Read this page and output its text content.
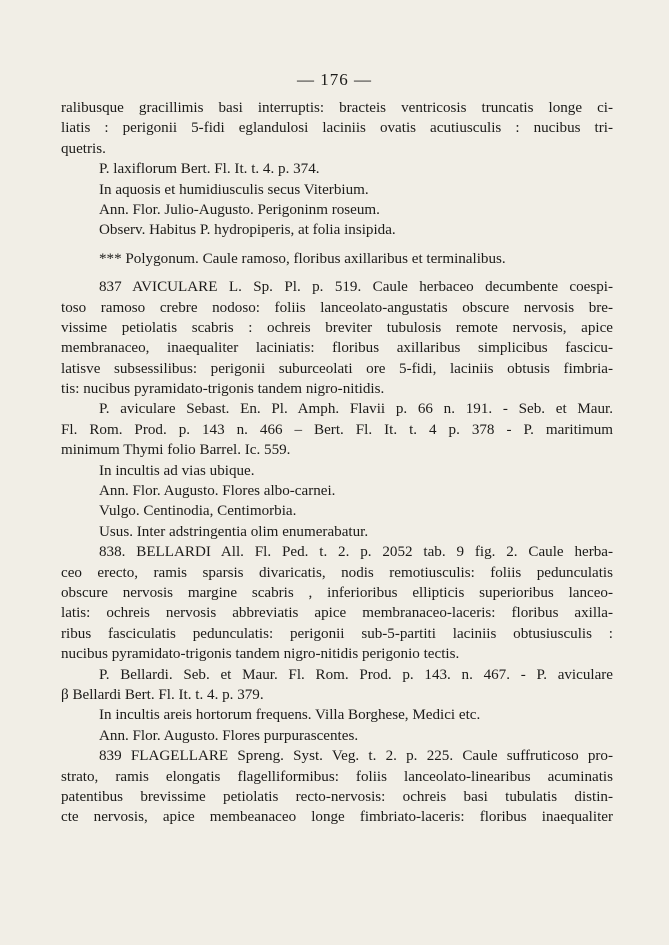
— 176 —
ralibusque gracillimis basi interruptis: bracteis ventricosis truncatis longe ci-
liatis : perigonii 5-fidi eglandulosi laciniis ovatis acutiusculis : nucibus tri-
quetris.
P. laxiflorum Bert. Fl. It. t. 4. p. 374.
In aquosis et humidiusculis secus Viterbium.
Ann. Flor. Julio-Augusto. Perigoninm roseum.
Observ. Habitus P. hydropiperis, at folia insipida.
*** Polygonum. Caule ramoso, floribus axillaribus et terminalibus.
837 AVICULARE L. Sp. Pl. p. 519. Caule herbaceo decumbente coespi-
toso ramoso crebre nodoso: foliis lanceolato-angustatis obscure nervosis bre-
vissime petiolatis scabris : ochreis breviter tubulosis remote nervosis, apice
membranaceo, inaequaliter laciniatis: floribus axillaribus simplicibus fascicu-
latisve subsessilibus: perigonii suburceolati ore 5-fidi, laciniis obtusis fimbria-
tis: nucibus pyramidato-trigonis tandem nigro-nitidis.
P. aviculare Sebast. En. Pl. Amph. Flavii p. 66 n. 191. - Seb. et Maur.
Fl. Rom. Prod. p. 143 n. 466 – Bert. Fl. It. t. 4 p. 378 - P. maritimum
minimum Thymi folio Barrel. Ic. 559.
In incultis ad vias ubique.
Ann. Flor. Augusto. Flores albo-carnei.
Vulgo. Centinodia, Centimorbia.
Usus. Inter adstringentia olim enumerabatur.
838. BELLARDI All. Fl. Ped. t. 2. p. 2052 tab. 9 fig. 2. Caule herba-
ceo erecto, ramis sparsis divaricatis, nodis remotiusculis: foliis pedunculatis
obscure nervosis margine scabris , inferioribus ellipticis superioribus lanceo-
latis: ochreis nervosis abbreviatis apice membranaceo-laceris: floribus axilla-
ribus fasciculatis pedunculatis: perigonii sub-5-partiti laciniis obtusiusculis :
nucibus pyramidato-trigonis tandem nigro-nitidis perigonio tectis.
P. Bellardi. Seb. et Maur. Fl. Rom. Prod. p. 143. n. 467. - P. aviculare
β Bellardi Bert. Fl. It. t. 4. p. 379.
In incultis areis hortorum frequens. Villa Borghese, Medici etc.
Ann. Flor. Augusto. Flores purpurascentes.
839 FLAGELLARE Spreng. Syst. Veg. t. 2. p. 225. Caule suffruticoso pro-
strato, ramis elongatis flagelliformibus: foliis lanceolato-linearibus acuminatis
patentibus brevissime petiolatis recto-nervosis: ochreis basi tubulatis distin-
cte nervosis, apice membeanaceo longe fimbriato-laceris: floribus inaequaliter
